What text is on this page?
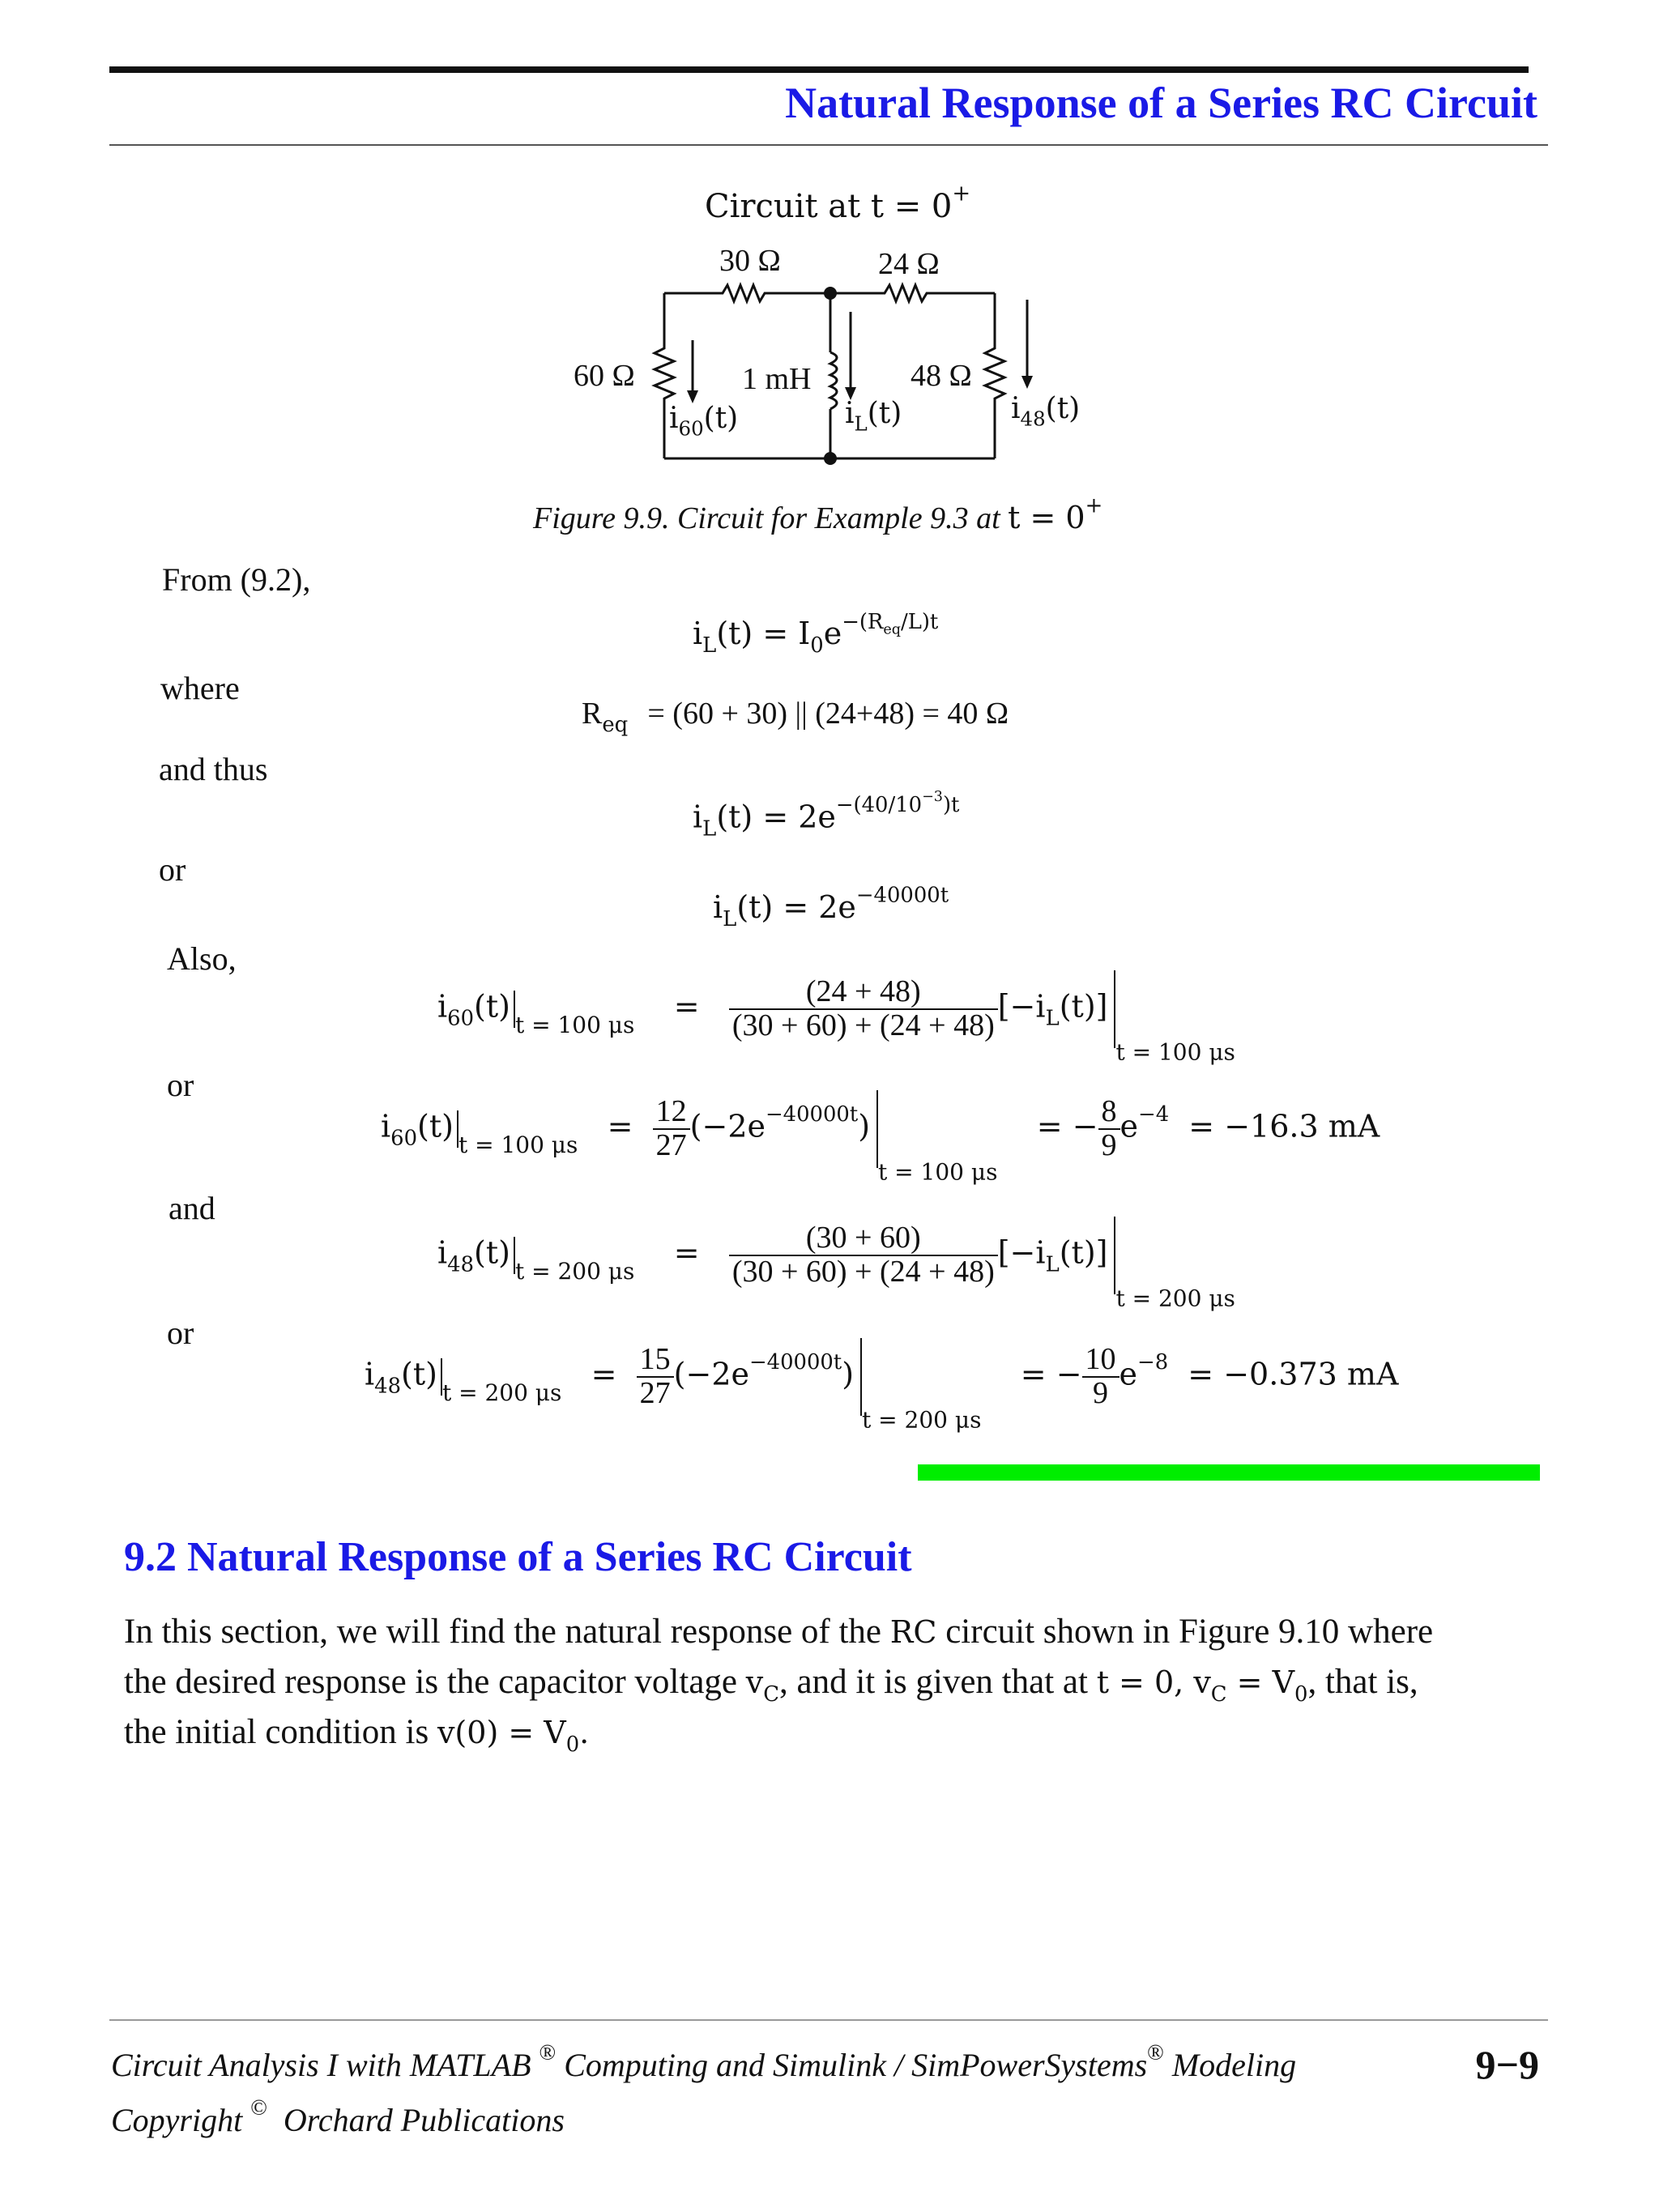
Natural Response of a Series RC Circuit
Circuit at t = 0+
30 Ω	24 Ω
60 Ω	1 mH	48 Ω
$i_{60}(t)$	$i_L(t)$	$i_{48}(t)$
Figure 9.9. Circuit for Example 9.3 at t = 0+
From (9.2),
where
and thus
or
Also,
or
and
or
$i_L(t) = I_0e^{-(R_{eq}/L)t}$
$R_{eq} = (60 + 30)$ || (24+48) = 40 Ω
$i_L(t) = 2e^{-(40/10^{-3})t}$
$i_L(t) = 2e^{-40000t}$
$i_{60}(t)_{t = 100 \mu s}$    = $\frac{(24 + 48)}{(30 + 60) + (24 + 48)} [-i_L(t)]_{t = 100 \mu s}$
$i_{60}(t)_{t = 100 \mu s} = \frac{12}{27} (-2e^{-40000t})_{t = 100 \mu s}$    = − $\frac{8}{9} e^{-4} = -16.3$ mA
$i_{48}(t)_{t = 200 \mu s}$    = $\frac{(30 + 60)}{(30 + 60) + (24 + 48)} [-i_L(t)]_{t = 200 \mu s}$
$i_{48}(t)_{t = 200 \mu s} = \frac{15}{27} (-2e^{-40000t})_{t = 200 \mu s}$    = − $\frac{10}{9} e^{-8} = -0.373$ mA
9.2 Natural Response of a Series RC Circuit
In this section, we will find the natural response of the RC circuit shown in Figure 9.10 where
the desired response is the capacitor voltage $v_C$, and it is given that at t = 0, $v_C = V_0$, that is,
the initial condition is $v(0) = V_0$.
Circuit Analysis I with MATLAB ® Computing and Simulink / SimPowerSystems® Modeling	9−9
Copyright © Orchard Publications
